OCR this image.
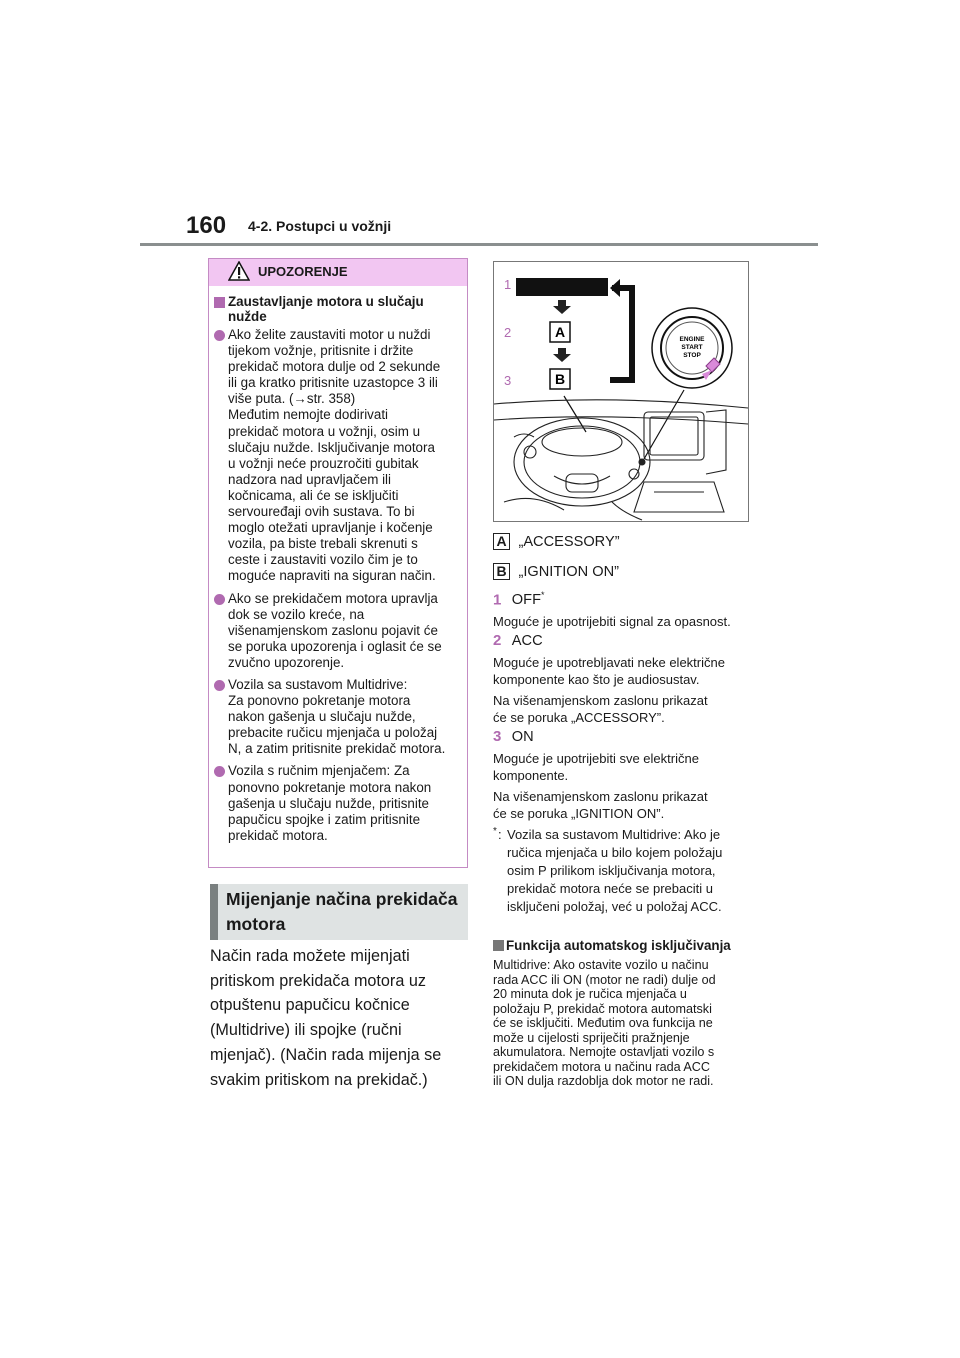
160 4-2. Postupci u vožnji
UPOZORENJE
Zaustavljanje motora u slučaju nužde
Ako želite zaustaviti motor u nuždi
tijekom vožnje, pritisnite i držite
prekidač motora dulje od 2 sekunde
ili ga kratko pritisnite uzastopce 3 ili
više puta. (→str. 358)
Međutim nemojte dodirivati
prekidač motora u vožnji, osim u
slučaju nužde. Isključivanje motora
u vožnji neće prouzročiti gubitak
nadzora nad upravljačem ili
kočnicama, ali će se isključiti
servouređaji ovih sustava. To bi
moglo otežati upravljanje i kočenje
vozila, pa biste trebali skrenuti s
ceste i zaustaviti vozilo čim je to
moguće napraviti na siguran način.
Ako se prekidačem motora upravlja
dok se vozilo kreće, na
višenamjenskom zaslonu pojavit će
se poruka upozorenja i oglasit će se
zvučno upozorenje.
Vozila sa sustavom Multidrive:
Za ponovno pokretanje motora
nakon gašenja u slučaju nužde,
prebacite ručicu mjenjača u položaj
N, a zatim pritisnite prekidač motora.
Vozila s ručnim mjenjačem: Za
ponovno pokretanje motora nakon
gašenja u slučaju nužde, pritisnite
papučicu spojke i zatim pritisnite
prekidač motora.
Mijenjanje načina prekidača motora
Način rada možete mijenjati
pritiskom prekidača motora uz
otpuštenu papučicu kočnice
(Multidrive) ili spojke (ručni
mjenjač). (Način rada mijenja se
svakim pritiskom na prekidač.)
1
2	A
3	B
ENGINE
START
STOP
A „ACCESSORY”
B „IGNITION ON”
1 OFF*
Moguće je upotrijebiti signal za opasnost.
2 ACC
Moguće je upotrebljavati neke električne
komponente kao što je audiosustav.
Na višenamjenskom zaslonu prikazat
će se poruka „ACCESSORY”.
3 ON
Moguće je upotrijebiti sve električne
komponente.
Na višenamjenskom zaslonu prikazat
će se poruka „IGNITION ON”.
* : Vozila sa sustavom Multidrive: Ako je
ručica mjenjača u bilo kojem položaju
osim P prilikom isključivanja motora,
prekidač motora neće se prebaciti u
isključeni položaj, već u položaj ACC.
Funkcija automatskog isključivanja
Multidrive: Ako ostavite vozilo u načinu
rada ACC ili ON (motor ne radi) dulje od
20 minuta dok je ručica mjenjača u
položaju P, prekidač motora automatski
će se isključiti. Međutim ova funkcija ne
može u cijelosti spriječiti pražnjenje
akumulatora. Nemojte ostavljati vozilo s
prekidačem motora u načinu rada ACC
ili ON dulja razdoblja dok motor ne radi.
